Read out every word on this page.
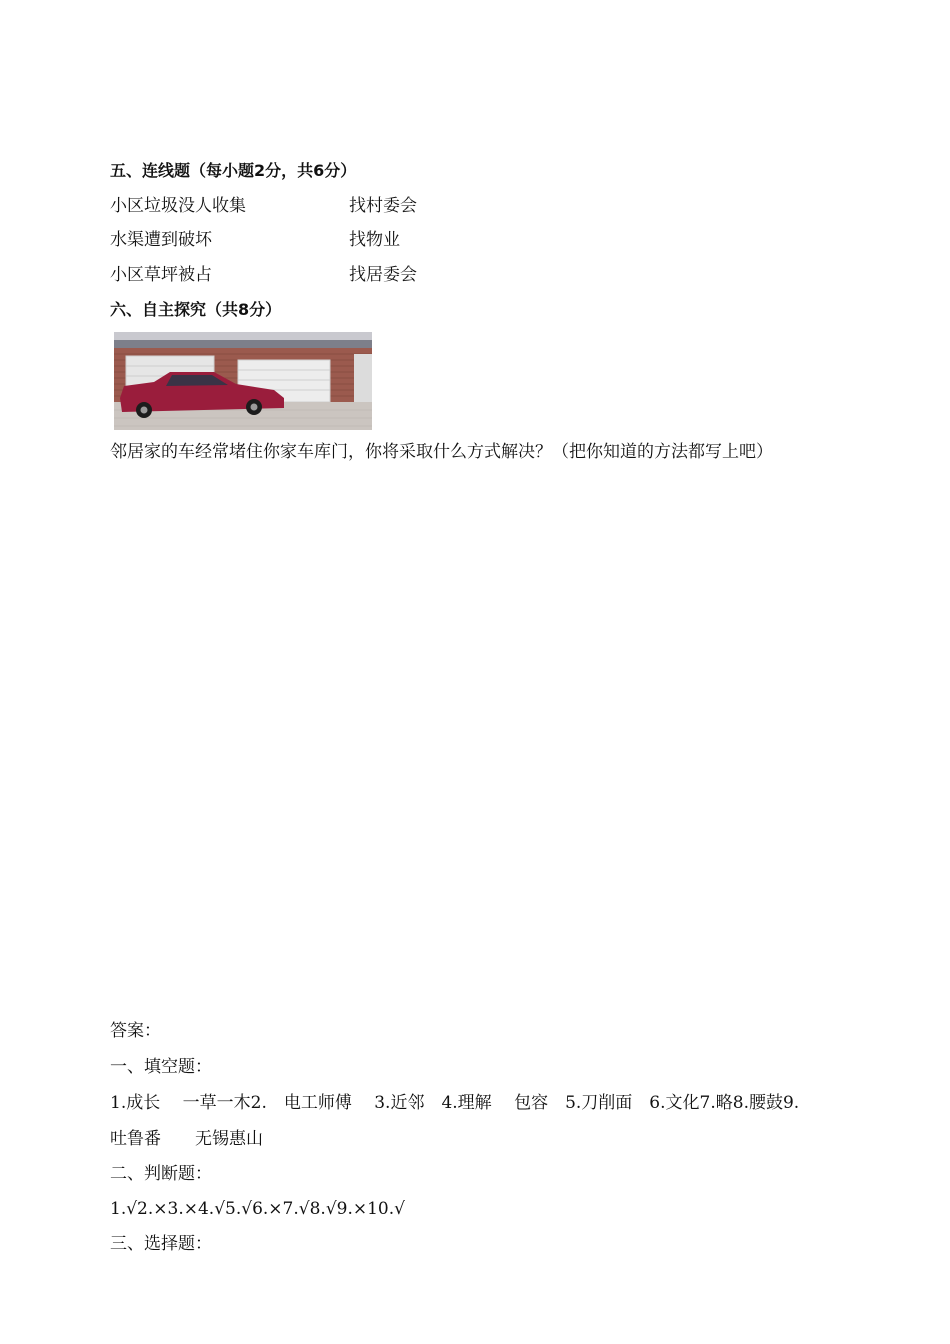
五、连线题（每小题2分，共6分）
小区垃圾没人收集	找村委会
水渠遭到破坏	找物业
小区草坪被占	找居委会
六、自主探究（共8分）
邻居家的车经常堵住你家车库门，你将采取什么方式解决？（把你知道的方法都写上吧）
答案：
一、填空题：
1.成长　 一草一木2.　电工师傅　 3.近邻　4.理解　 包容　5.刀削面　6.文化7.略8.腰鼓9.
吐鲁番　　无锡惠山
二、判断题：
1.√2.×3.×4.√5.√6.×7.√8.√9.×10.√
三、选择题：
